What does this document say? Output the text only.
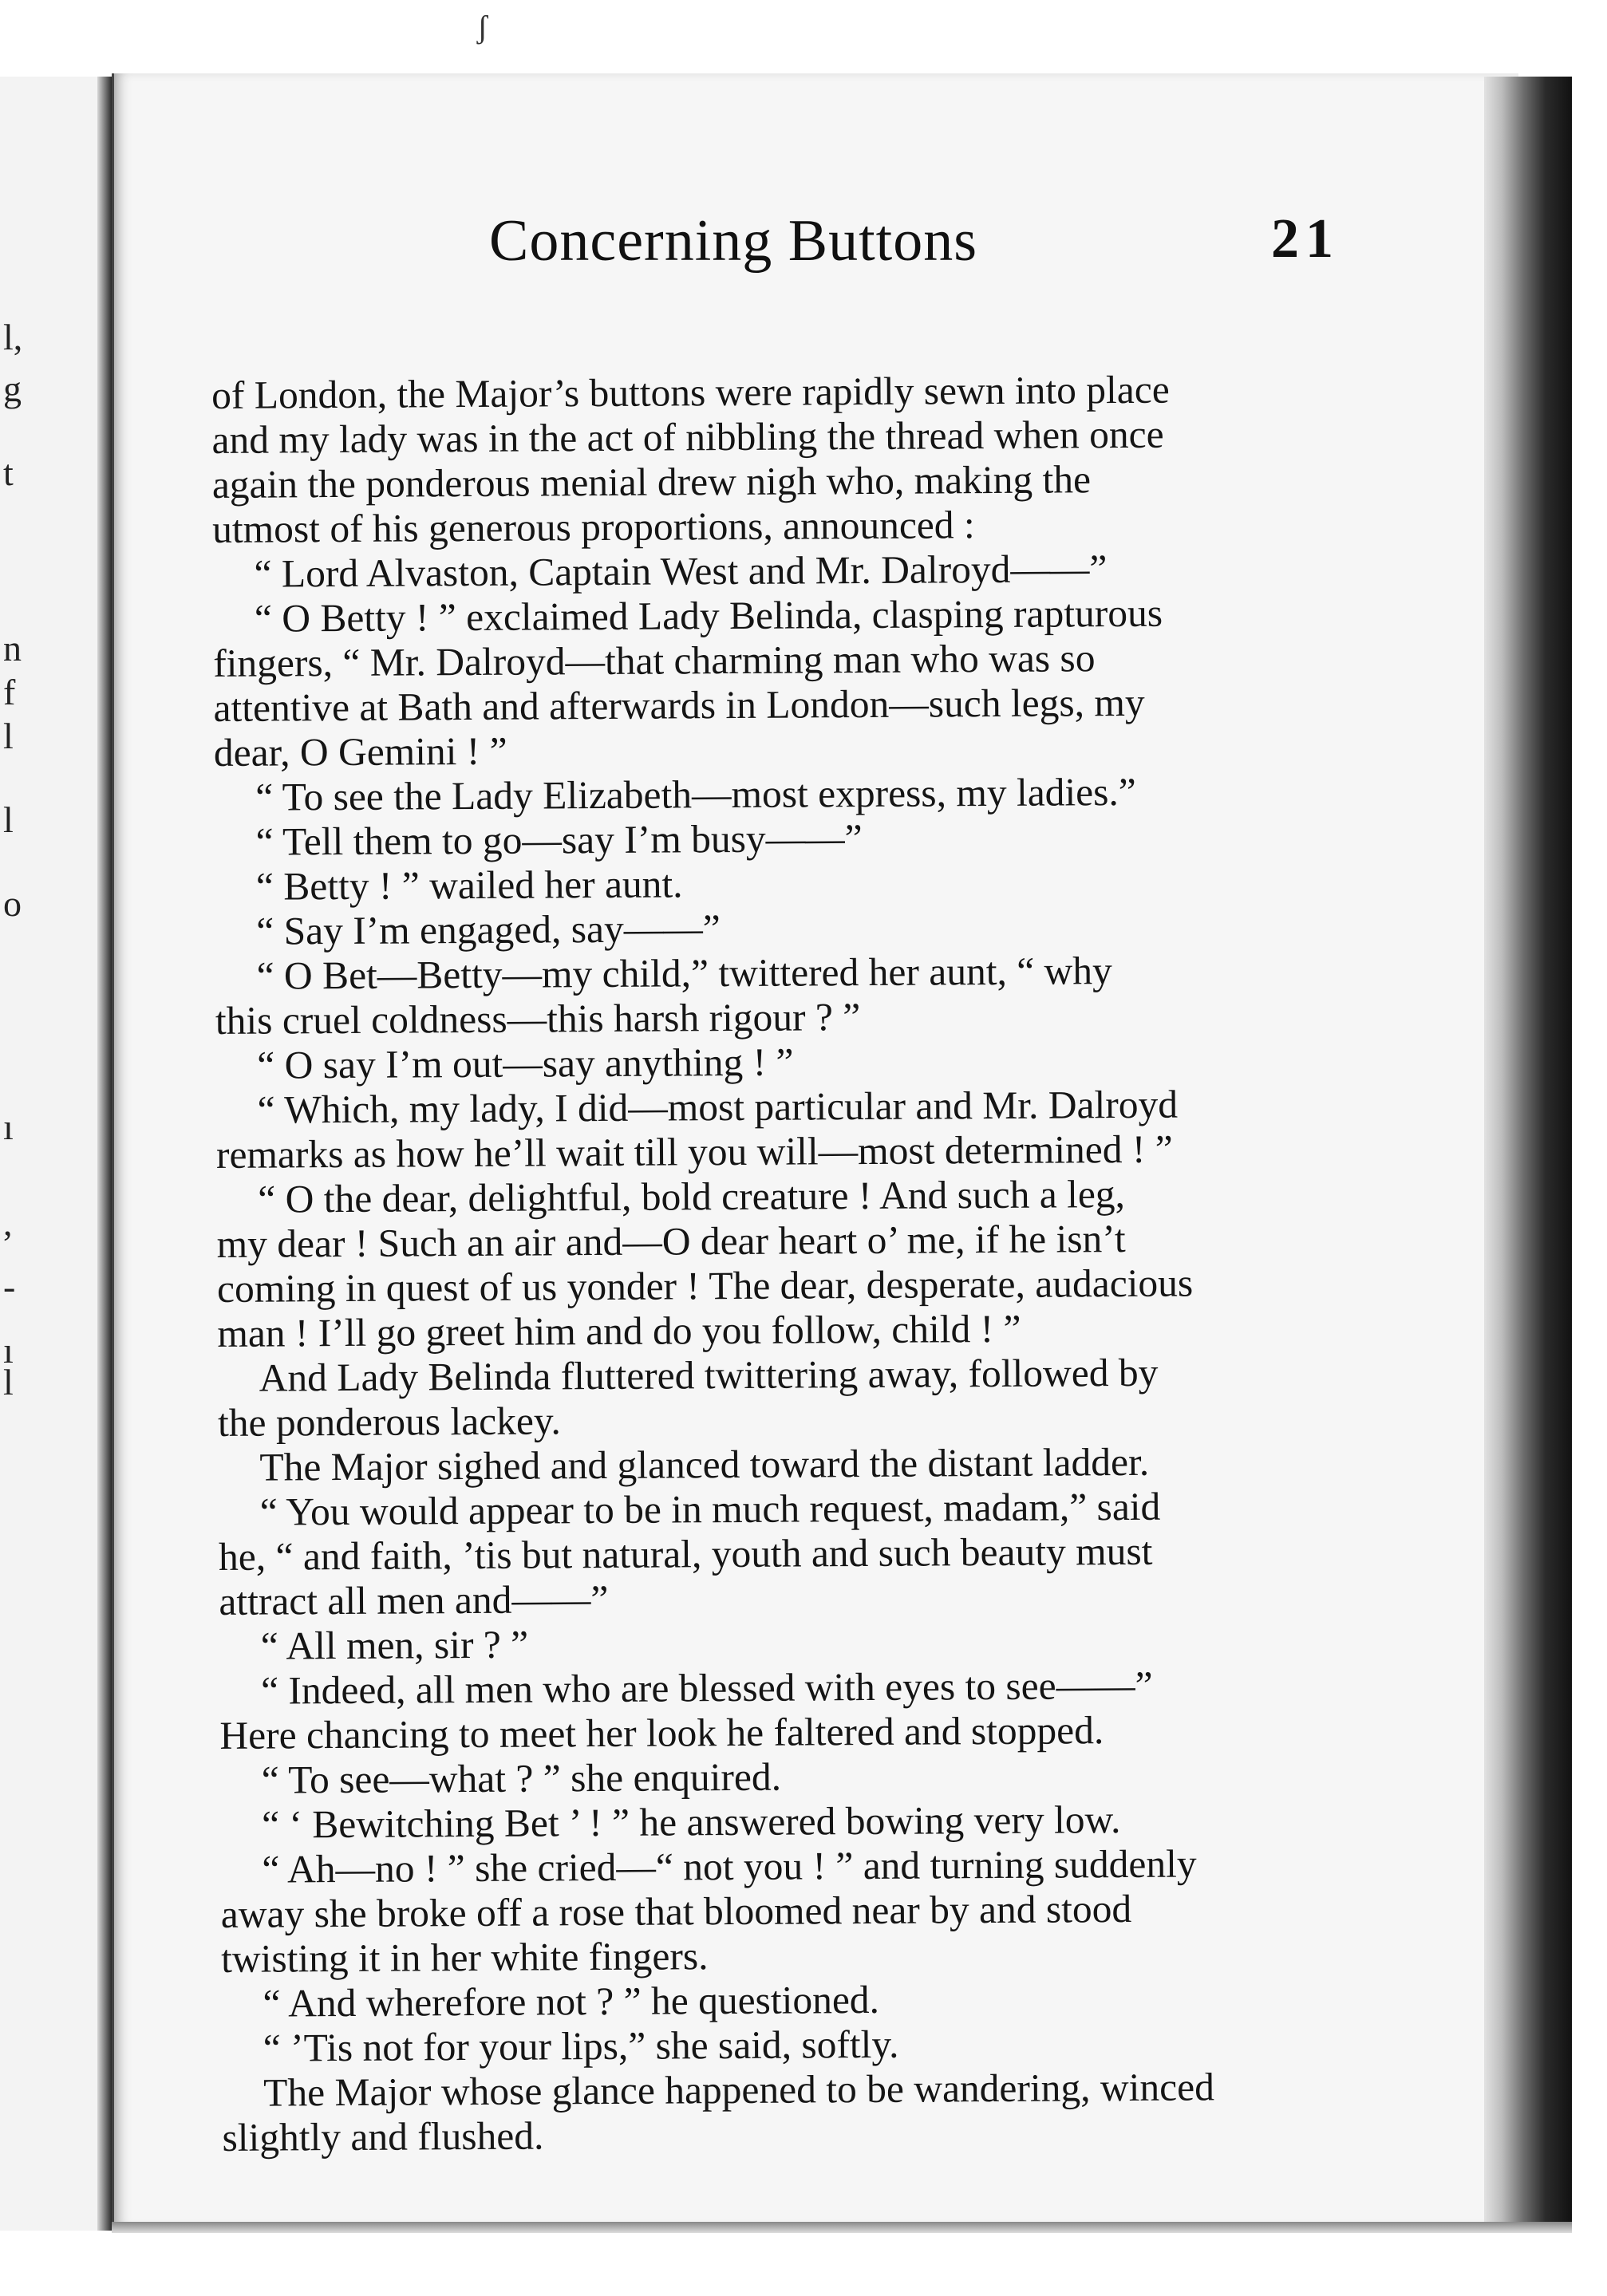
l,
g
t
n
f
l
l
o
ı
,
-
ı
l
Concerning Buttons	21
of London, the Major’s buttons were rapidly sewn into place
and my lady was in the act of nibbling the thread when once
again the ponderous menial drew nigh who, making the
utmost of his generous proportions, announced :
“ Lord Alvaston, Captain West and Mr. Dalroyd——”
“ O Betty ! ” exclaimed Lady Belinda, clasping rapturous
fingers, “ Mr. Dalroyd—that charming man who was so
attentive at Bath and afterwards in London—such legs, my
dear, O Gemini ! ”
“ To see the Lady Elizabeth—most express, my ladies.”
“ Tell them to go—say I’m busy——”
“ Betty ! ” wailed her aunt.
“ Say I’m engaged, say——”
“ O Bet—Betty—my child,” twittered her aunt, “ why
this cruel coldness—this harsh rigour ? ”
“ O say I’m out—say anything ! ”
“ Which, my lady, I did—most particular and Mr. Dalroyd
remarks as how he’ll wait till you will—most determined ! ”
“ O the dear, delightful, bold creature ! And such a leg,
my dear ! Such an air and—O dear heart o’ me, if he isn’t
coming in quest of us yonder ! The dear, desperate, audacious
man ! I’ll go greet him and do you follow, child ! ”
And Lady Belinda fluttered twittering away, followed by
the ponderous lackey.
The Major sighed and glanced toward the distant ladder.
“ You would appear to be in much request, madam,” said
he, “ and faith, ’tis but natural, youth and such beauty must
attract all men and——”
“ All men, sir ? ”
“ Indeed, all men who are blessed with eyes to see——”
Here chancing to meet her look he faltered and stopped.
“ To see—what ? ” she enquired.
“ ‘ Bewitching Bet ’ ! ” he answered bowing very low.
“ Ah—no ! ” she cried—“ not you ! ” and turning suddenly
away she broke off a rose that bloomed near by and stood
twisting it in her white fingers.
“ And wherefore not ? ” he questioned.
“ ’Tis not for your lips,” she said, softly.
The Major whose glance happened to be wandering, winced
slightly and flushed.
ʃ
